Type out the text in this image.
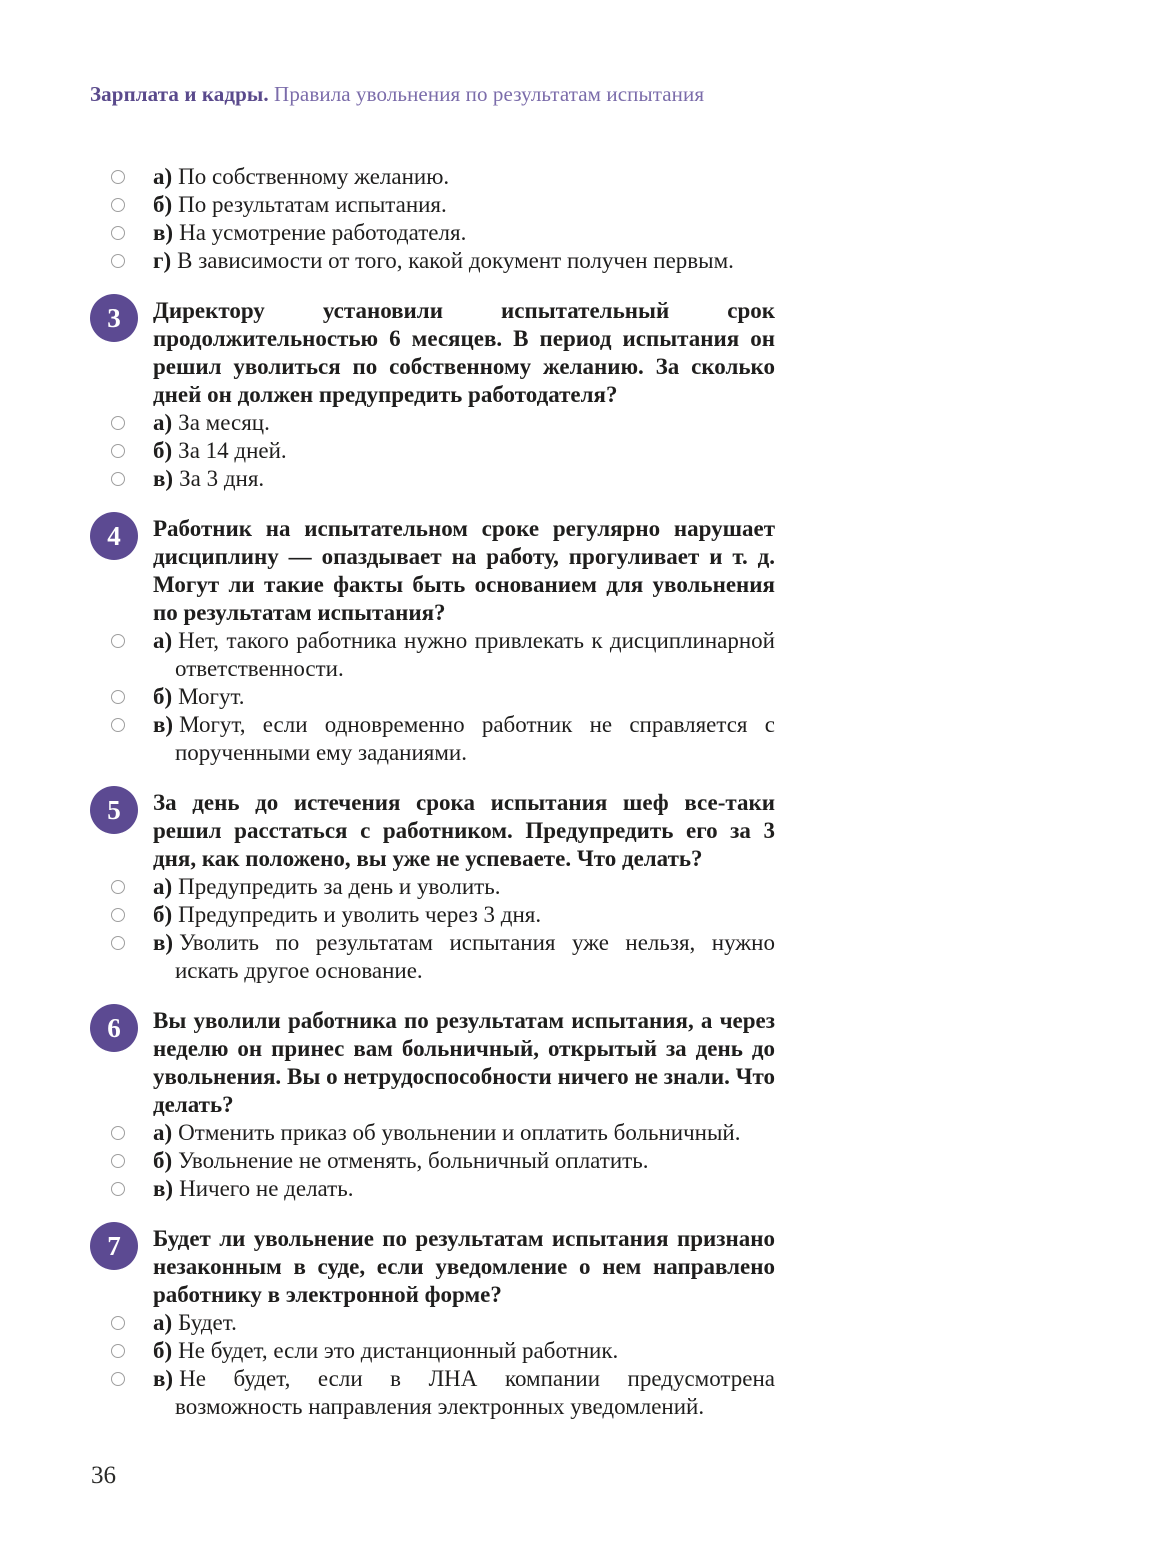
Зарплата и кадры. Правила увольнения по результатам испытания
а) По собственному желанию.
б) По результатам испытания.
в) На усмотрение работодателя.
г) В зависимости от того, какой документ получен первым.
3	Директору установили испытательный срок продолжительностью 6 месяцев. В период испытания он решил уволиться по собственному желанию. За сколько дней он должен предупредить работодателя?

а) За месяц.
б) За 14 дней.
в) За 3 дня.
4	Работник на испытательном сроке регулярно нарушает дисциплину — опаздывает на работу, прогуливает и т. д. Могут ли такие факты быть основанием для увольнения по результатам испытания?

а) Нет, такого работника нужно привлекать к дисциплинарной ответственности.
б) Могут.
в) Могут, если одновременно работник не справляется с порученными ему заданиями.
5	За день до истечения срока испытания шеф все-таки решил расстаться с работником. Предупредить его за 3 дня, как положено, вы уже не успеваете. Что делать?

а) Предупредить за день и уволить.
б) Предупредить и уволить через 3 дня.
в) Уволить по результатам испытания уже нельзя, нужно искать другое основание.
6	Вы уволили работника по результатам испытания, а через неделю он принес вам больничный, открытый за день до увольнения. Вы о нетрудоспособности ничего не знали. Что делать?

а) Отменить приказ об увольнении и оплатить больничный.
б) Увольнение не отменять, больничный оплатить.
в) Ничего не делать.
7	Будет ли увольнение по результатам испытания признано незаконным в суде, если уведомление о нем направлено работнику в электронной форме?

а) Будет.
б) Не будет, если это дистанционный работник.
в) Не будет, если в ЛНА компании предусмотрена возможность направления электронных уведомлений.
36
